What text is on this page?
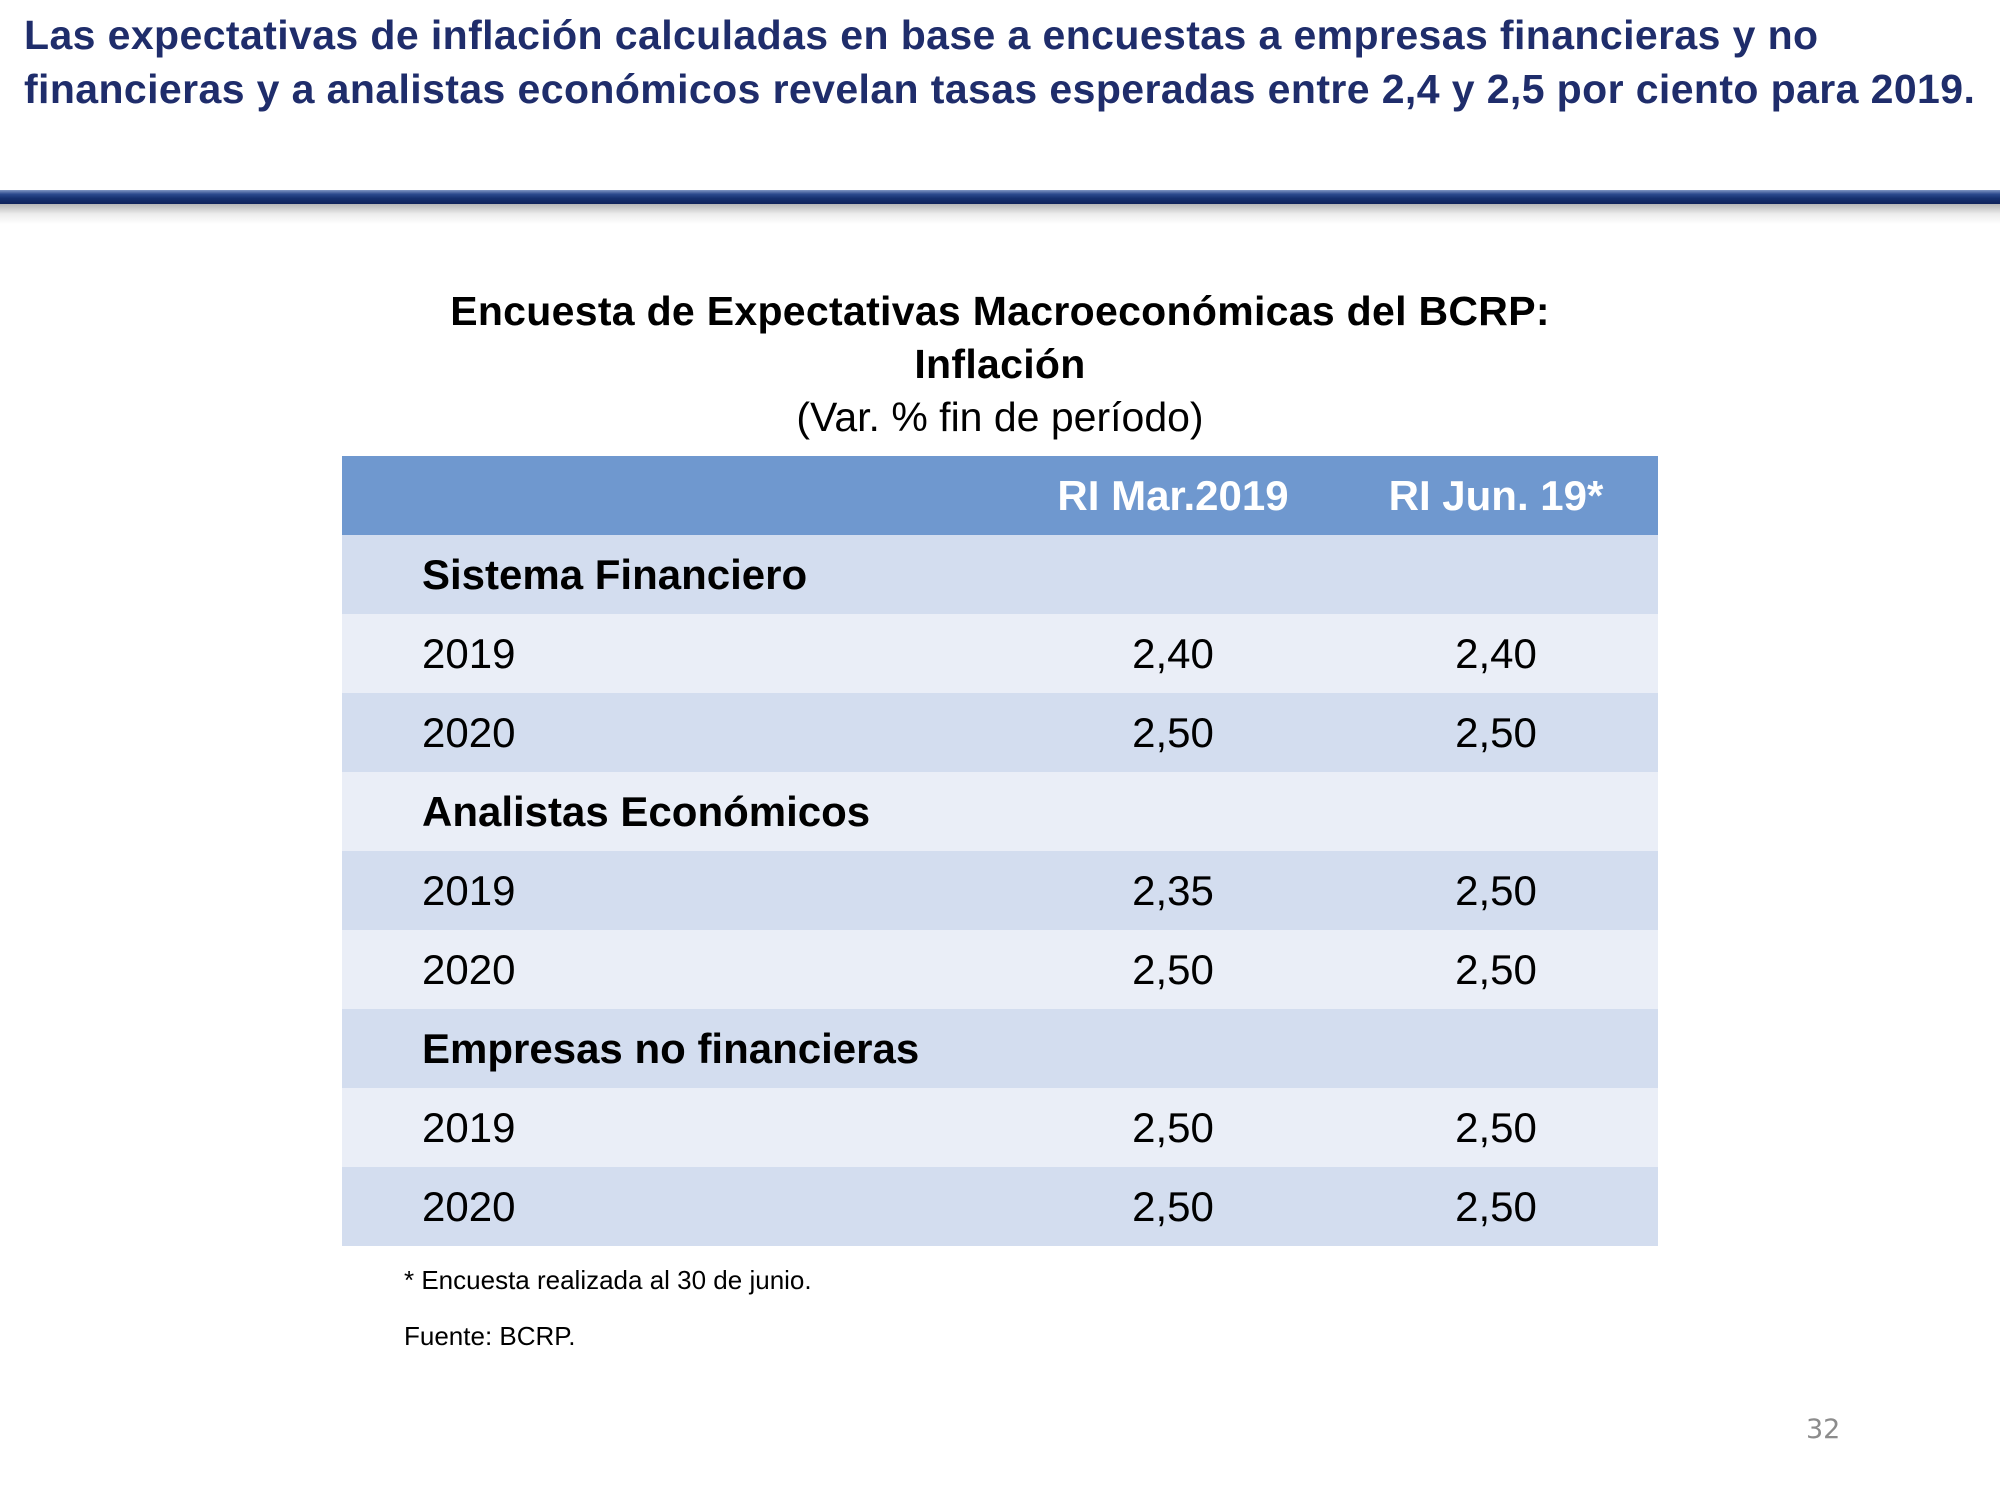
Las expectativas de inflación calculadas en base a encuestas a empresas financieras y no financieras y a analistas económicos revelan tasas esperadas entre 2,4 y 2,5 por ciento para 2019.
Encuesta de Expectativas Macroeconómicas del BCRP:
Inflación
(Var. % fin de período)
	RI Mar.2019	RI Jun. 19*
Sistema Financiero		
2019	2,40	2,40
2020	2,50	2,50
Analistas Económicos		
2019	2,35	2,50
2020	2,50	2,50
Empresas no financieras		
2019	2,50	2,50
2020	2,50	2,50
* Encuesta realizada al 30 de junio.
Fuente: BCRP.
32
